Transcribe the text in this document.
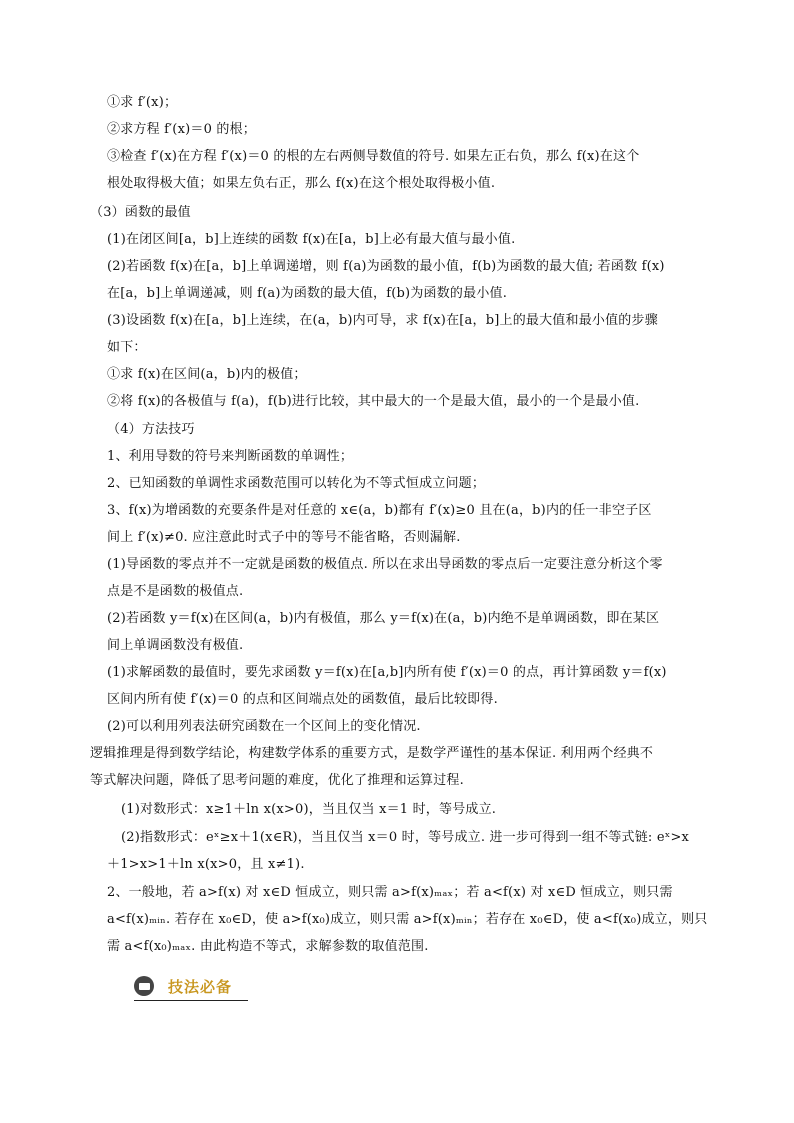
①求 f′(x)；
②求方程 f′(x)＝0 的根；
③检查 f′(x)在方程 f′(x)＝0 的根的左右两侧导数值的符号. 如果左正右负，那么 f(x)在这个
根处取得极大值；如果左负右正，那么 f(x)在这个根处取得极小值.
（3）函数的最值
(1)在闭区间[a，b]上连续的函数 f(x)在[a，b]上必有最大值与最小值.
(2)若函数 f(x)在[a，b]上单调递增，则 f(a)为函数的最小值，f(b)为函数的最大值; 若函数 f(x)
在[a，b]上单调递减，则 f(a)为函数的最大值，f(b)为函数的最小值.
(3)设函数 f(x)在[a，b]上连续，在(a，b)内可导，求 f(x)在[a，b]上的最大值和最小值的步骤
如下：
①求 f(x)在区间(a，b)内的极值；
②将 f(x)的各极值与 f(a)，f(b)进行比较，其中最大的一个是最大值，最小的一个是最小值.
（4）方法技巧
1、利用导数的符号来判断函数的单调性；
2、已知函数的单调性求函数范围可以转化为不等式恒成立问题；
3、f(x)为增函数的充要条件是对任意的 x∈(a，b)都有 f′(x)≥0 且在(a，b)内的任一非空子区
间上 f′(x)≠0. 应注意此时式子中的等号不能省略，否则漏解.
(1)导函数的零点并不一定就是函数的极值点. 所以在求出导函数的零点后一定要注意分析这个零
点是不是函数的极值点.
(2)若函数 y＝f(x)在区间(a，b)内有极值，那么 y＝f(x)在(a，b)内绝不是单调函数，即在某区
间上单调函数没有极值.
(1)求解函数的最值时，要先求函数 y＝f(x)在[a,b]内所有使 f′(x)＝0 的点，再计算函数 y＝f(x)
区间内所有使 f′(x)＝0 的点和区间端点处的函数值，最后比较即得.
(2)可以利用列表法研究函数在一个区间上的变化情况.
逻辑推理是得到数学结论，构建数学体系的重要方式，是数学严谨性的基本保证. 利用两个经典不
等式解决问题，降低了思考问题的难度，优化了推理和运算过程.
(1)对数形式：x≥1＋ln x(x>0)，当且仅当 x＝1 时，等号成立.
(2)指数形式：eˣ≥x＋1(x∈R)，当且仅当 x＝0 时，等号成立. 进一步可得到一组不等式链: eˣ>x
＋1>x>1＋ln x(x>0，且 x≠1).
2、一般地，若 a>f(x) 对 x∈D 恒成立，则只需 a>f(x)ₘₐₓ；若 a<f(x) 对 x∈D 恒成立，则只需
a<f(x)ₘᵢₙ. 若存在 x₀∈D，使 a>f(x₀)成立，则只需 a>f(x)ₘᵢₙ；若存在 x₀∈D，使 a<f(x₀)成立，则只
需 a<f(x₀)ₘₐₓ. 由此构造不等式，求解参数的取值范围.
技法必备
